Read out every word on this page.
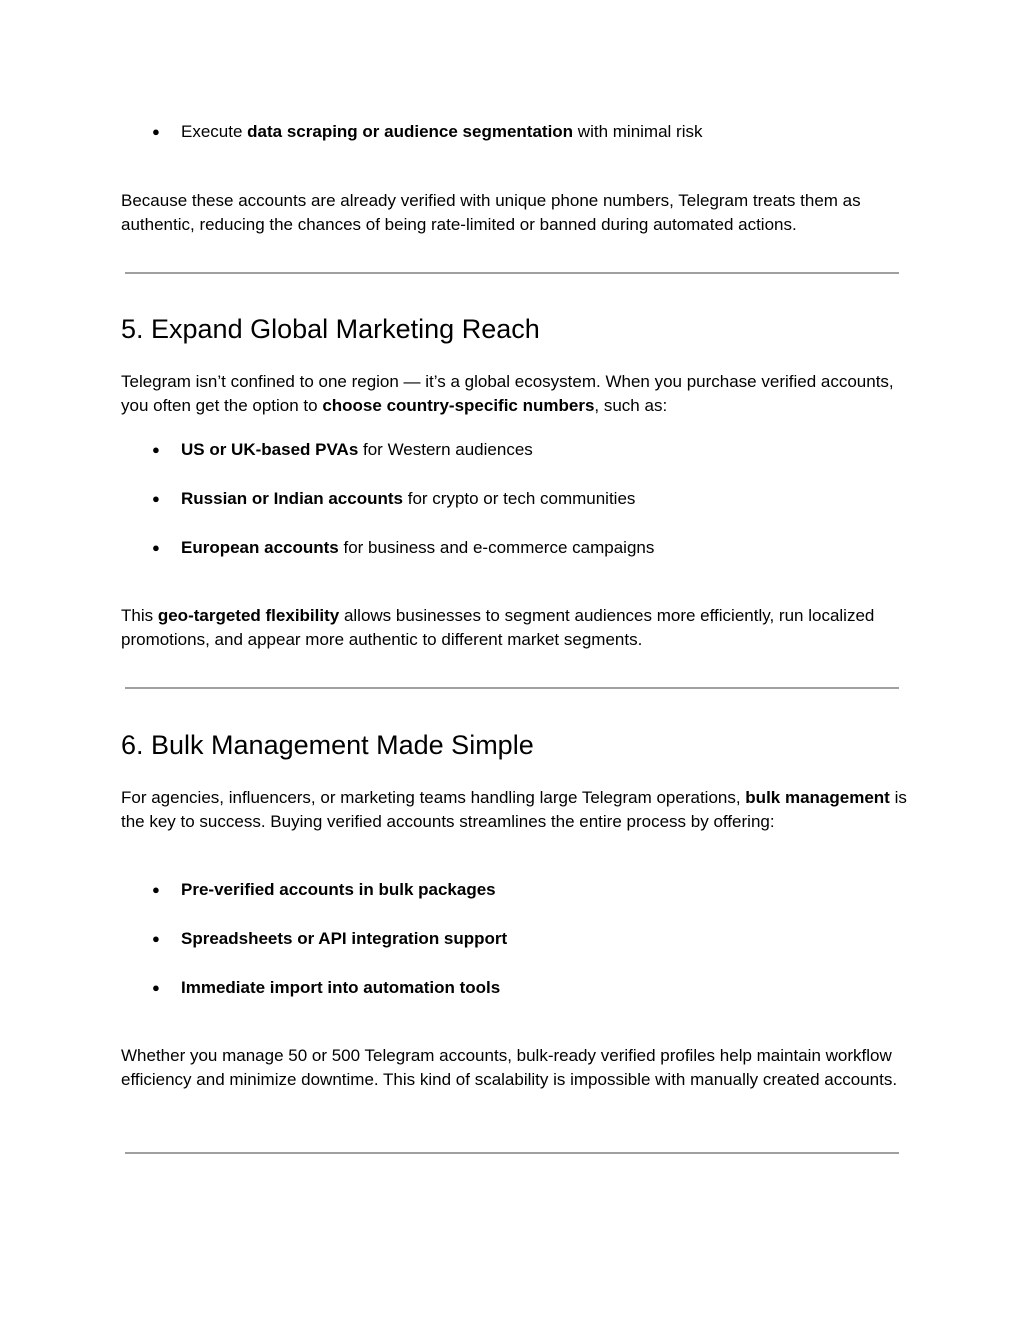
● Execute data scraping or audience segmentation with minimal risk

Because these accounts are already verified with unique phone numbers, Telegram treats them as authentic, reducing the chances of being rate-limited or banned during automated actions.

5. Expand Global Marketing Reach

Telegram isn’t confined to one region — it’s a global ecosystem. When you purchase verified accounts, you often get the option to choose country-specific numbers, such as:

● US or UK-based PVAs for Western audiences
● Russian or Indian accounts for crypto or tech communities
● European accounts for business and e-commerce campaigns

This geo-targeted flexibility allows businesses to segment audiences more efficiently, run localized promotions, and appear more authentic to different market segments.

6. Bulk Management Made Simple

For agencies, influencers, or marketing teams handling large Telegram operations, bulk management is the key to success. Buying verified accounts streamlines the entire process by offering:

● Pre-verified accounts in bulk packages
● Spreadsheets or API integration support
● Immediate import into automation tools

Whether you manage 50 or 500 Telegram accounts, bulk-ready verified profiles help maintain workflow efficiency and minimize downtime. This kind of scalability is impossible with manually created accounts.
